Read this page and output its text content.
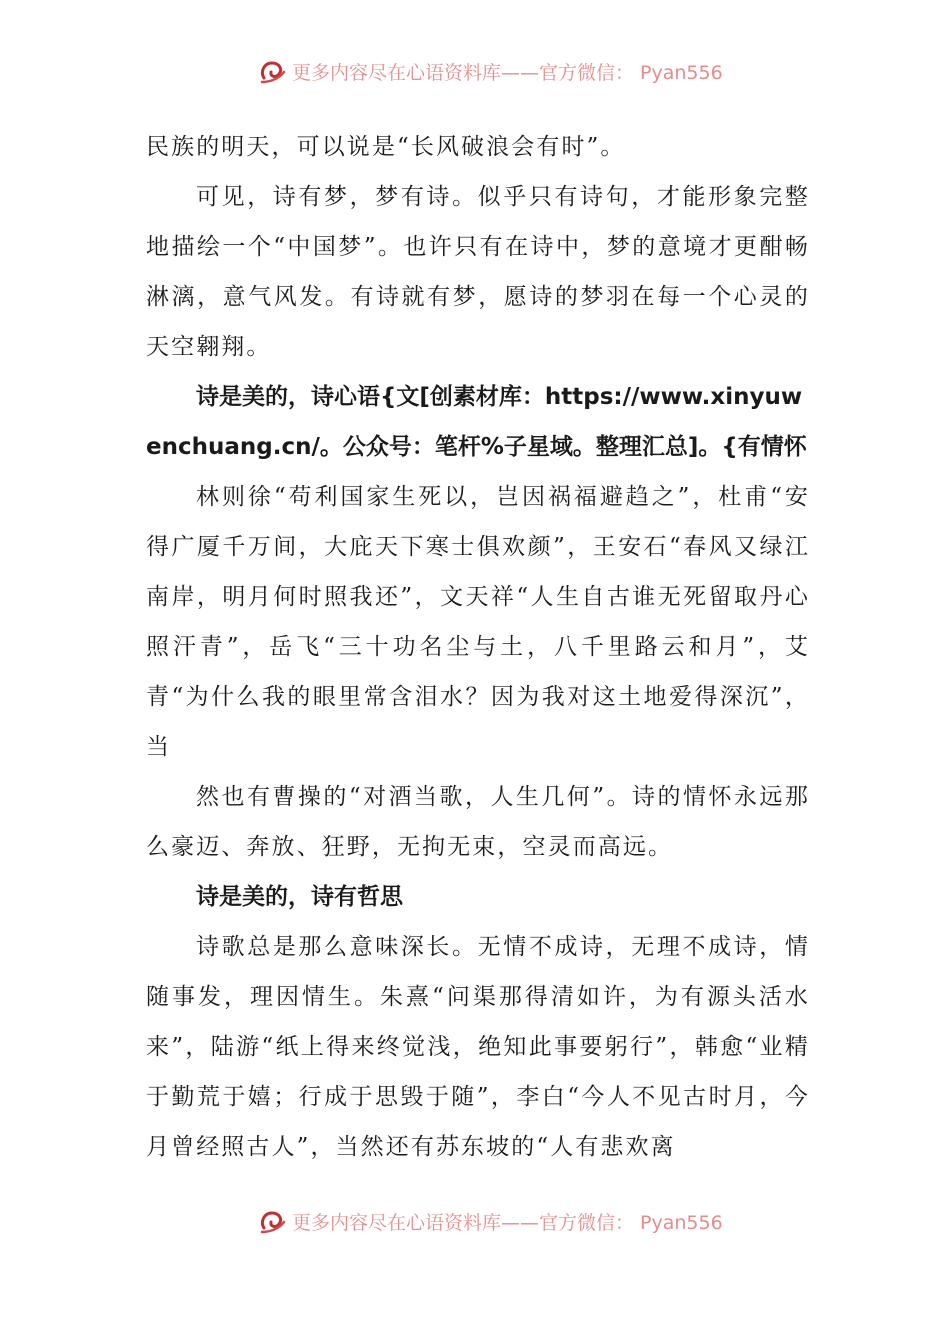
更多内容尽在心语资料库——官方微信： Pyan556

民族的明天，可以说是“长风破浪会有时”。

可见，诗有梦，梦有诗。似乎只有诗句，才能形象完整地描绘一个“中国梦”。也许只有在诗中，梦的意境才更酣畅淋漓，意气风发。有诗就有梦，愿诗的梦羽在每一个心灵的天空翱翔。

诗是美的，诗心语{文[创素材库：https://www.xinyuwenchuang.cn/。公众号：笔杆%子星域。整理汇总]。{有情怀

林则徐“苟利国家生死以，岂因祸福避趋之”，杜甫“安得广厦千万间，大庇天下寒士俱欢颜”，王安石“春风又绿江南岸，明月何时照我还”，文天祥“人生自古谁无死留取丹心照汗青”，岳飞“三十功名尘与土，八千里路云和月”，艾青“为什么我的眼里常含泪水？因为我对这土地爱得深沉”，当

然也有曹操的“对酒当歌，人生几何”。诗的情怀永远那么豪迈、奔放、狂野，无拘无束，空灵而高远。

诗是美的，诗有哲思

诗歌总是那么意味深长。无情不成诗，无理不成诗，情随事发，理因情生。朱熹“问渠那得清如许，为有源头活水来”，陆游“纸上得来终觉浅，绝知此事要躬行”，韩愈“业精于勤荒于嬉；行成于思毁于随”，李白“今人不见古时月，今月曾经照古人”，当然还有苏东坡的“人有悲欢离

更多内容尽在心语资料库——官方微信： Pyan556
